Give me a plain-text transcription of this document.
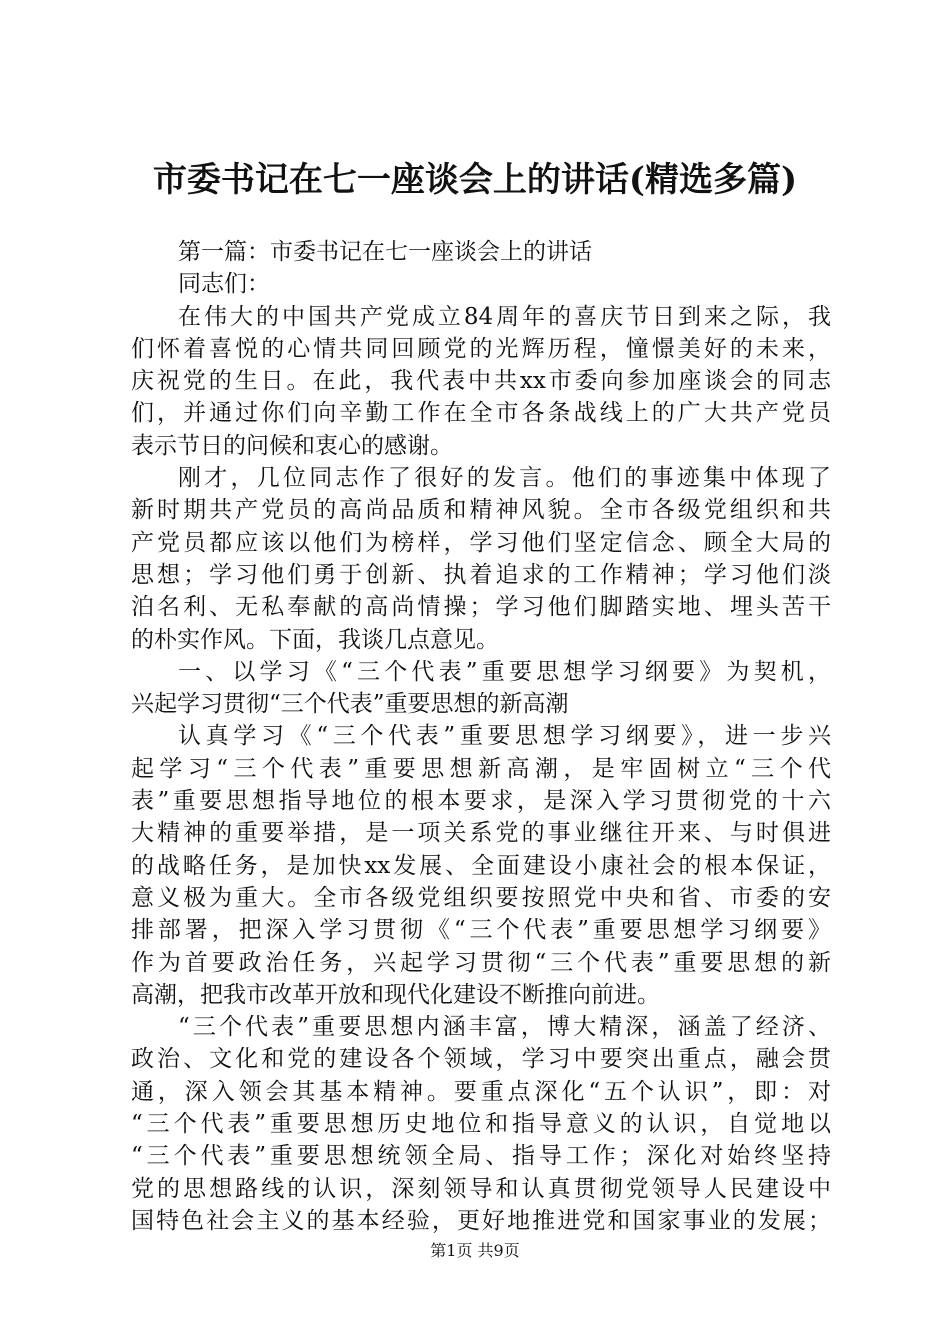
市委书记在七一座谈会上的讲话(精选多篇)
第一篇：市委书记在七一座谈会上的讲话
同志们：
在伟大的中国共产党成立84周年的喜庆节日到来之际，我
们怀着喜悦的心情共同回顾党的光辉历程，憧憬美好的未来，
庆祝党的生日。在此，我代表中共xx市委向参加座谈会的同志
们，并通过你们向辛勤工作在全市各条战线上的广大共产党员
表示节日的问候和衷心的感谢。
刚才，几位同志作了很好的发言。他们的事迹集中体现了
新时期共产党员的高尚品质和精神风貌。全市各级党组织和共
产党员都应该以他们为榜样，学习他们坚定信念、顾全大局的
思想；学习他们勇于创新、执着追求的工作精神；学习他们淡
泊名利、无私奉献的高尚情操；学习他们脚踏实地、埋头苦干
的朴实作风。下面，我谈几点意见。
一、以学习《“三个代表”重要思想学习纲要》为契机，
兴起学习贯彻“三个代表”重要思想的新高潮
认真学习《“三个代表”重要思想学习纲要》，进一步兴
起学习“三个代表”重要思想新高潮，是牢固树立“三个代
表”重要思想指导地位的根本要求，是深入学习贯彻党的十六
大精神的重要举措，是一项关系党的事业继往开来、与时俱进
的战略任务，是加快xx发展、全面建设小康社会的根本保证，
意义极为重大。全市各级党组织要按照党中央和省、市委的安
排部署，把深入学习贯彻《“三个代表”重要思想学习纲要》
作为首要政治任务，兴起学习贯彻“三个代表”重要思想的新
高潮，把我市改革开放和现代化建设不断推向前进。
“三个代表”重要思想内涵丰富，博大精深，涵盖了经济、
政治、文化和党的建设各个领域，学习中要突出重点，融会贯
通，深入领会其基本精神。要重点深化“五个认识”，即：对
“三个代表”重要思想历史地位和指导意义的认识，自觉地以
“三个代表”重要思想统领全局、指导工作；深化对始终坚持
党的思想路线的认识，深刻领导和认真贯彻党领导人民建设中
国特色社会主义的基本经验，更好地推进党和国家事业的发展；
第1页 共9页
